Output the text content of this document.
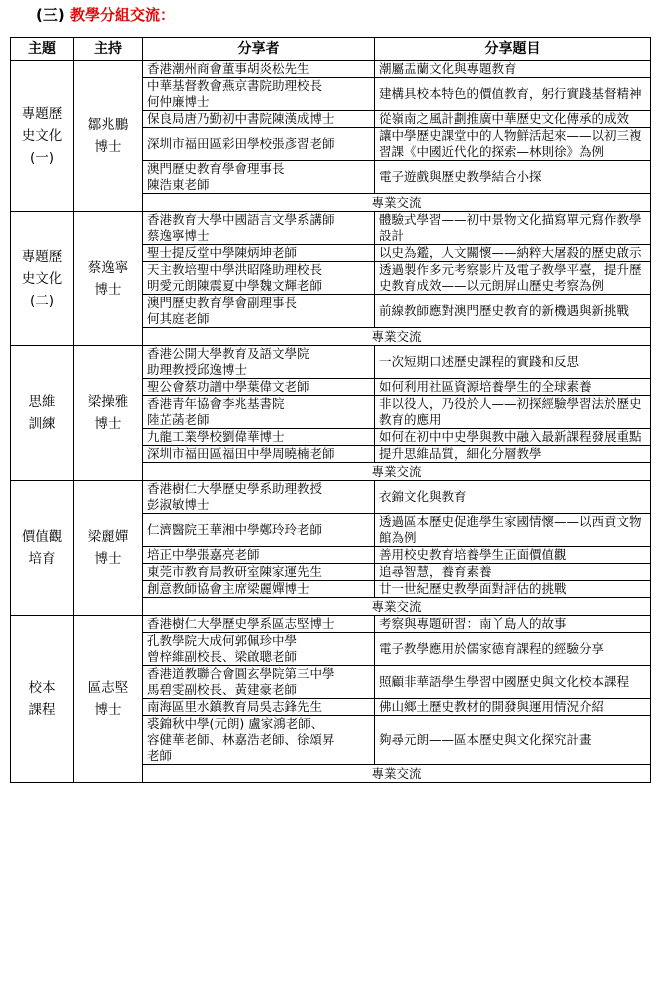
(三) 教學分組交流：
主題	主持	分享者	分享題目
專題歷
史文化
(一)	鄒兆鵬
博士	香港潮州商會董事胡炎松先生	潮屬盂蘭文化與專題教育
		中華基督教會燕京書院助理校長
何仲廉博士	建構具校本特色的價值教育，躬行實踐基督精神
		保良局唐乃勤初中書院陳漢成博士	從嶺南之風計劃推廣中華歷史文化傳承的成效
		深圳市福田區彩田學校張彥習老師	讓中學歷史課堂中的人物鮮活起來——以初三複習課《中國近代化的探索—林則徐》為例
		澳門歷史教育學會理事長
陳浩東老師	電子遊戲與歷史教學結合小探
		專業交流	
專題歷
史文化
(二)	蔡逸寧
博士	香港教育大學中國語言文學系講師
蔡逸寧博士	體驗式學習——初中景物文化描寫單元寫作教學設計
		聖士提反堂中學陳炳坤老師	以史為鑑，人文關懷——納粹大屠殺的歷史啟示
		天主教培聖中學洪昭隆助理校長
明愛元朗陳震夏中學魏文輝老師	透過製作多元考察影片及電子教學平臺，提升歷史教育成效——以元朗屏山歷史考察為例
		澳門歷史教育學會副理事長
何其庭老師	前線教師應對澳門歷史教育的新機遇與新挑戰
		專業交流	
思維
訓練	梁操雅
博士	香港公開大學教育及語文學院
助理教授邱逸博士	一次短期口述歷史課程的實踐和反思
		聖公會蔡功譜中學葉偉文老師	如何利用社區資源培養學生的全球素養
		香港青年協會李兆基書院
陸芷菡老師	非以役人，乃役於人——初探經驗學習法於歷史教育的應用
		九龍工業學校劉偉華博士	如何在初中中史學與教中融入最新課程發展重點
		深圳市福田區福田中學周曉楠老師	提升思維品質，細化分層教學
		專業交流	
價值觀
培育	梁麗嬋
博士	香港樹仁大學歷史學系助理教授
彭淑敏博士	衣錦文化與教育
		仁濟醫院王華湘中學鄭玲玲老師	透過區本歷史促進學生家國情懷——以西貢文物館為例
		培正中學張嘉亮老師	善用校史教育培養學生正面價值觀
		東莞市教育局教研室陳家運先生	追尋智慧，養育素養
		創意教師協會主席梁麗嬋博士	廿一世紀歷史教學面對評估的挑戰
		專業交流	
校本
課程	區志堅
博士	香港樹仁大學歷史學系區志堅博士	考察與專題研習：南丫島人的故事
		孔教學院大成何郭佩珍中學
曾梓維副校長、梁啟聰老師	電子教學應用於儒家德育課程的經驗分享
		香港道教聯合會圓玄學院第三中學
馬碧雯副校長、黃建豪老師	照顧非華語學生學習中國歷史與文化校本課程
		南海區里水鎮教育局吳志鋒先生	佛山鄉土歷史教材的開發與運用情況介紹
		裘錦秋中學(元朗) 盧家鴻老師、
容健華老師、林嘉浩老師、徐頌昇
老師	夠尋元朗——區本歷史與文化探究計畫
		專業交流	
